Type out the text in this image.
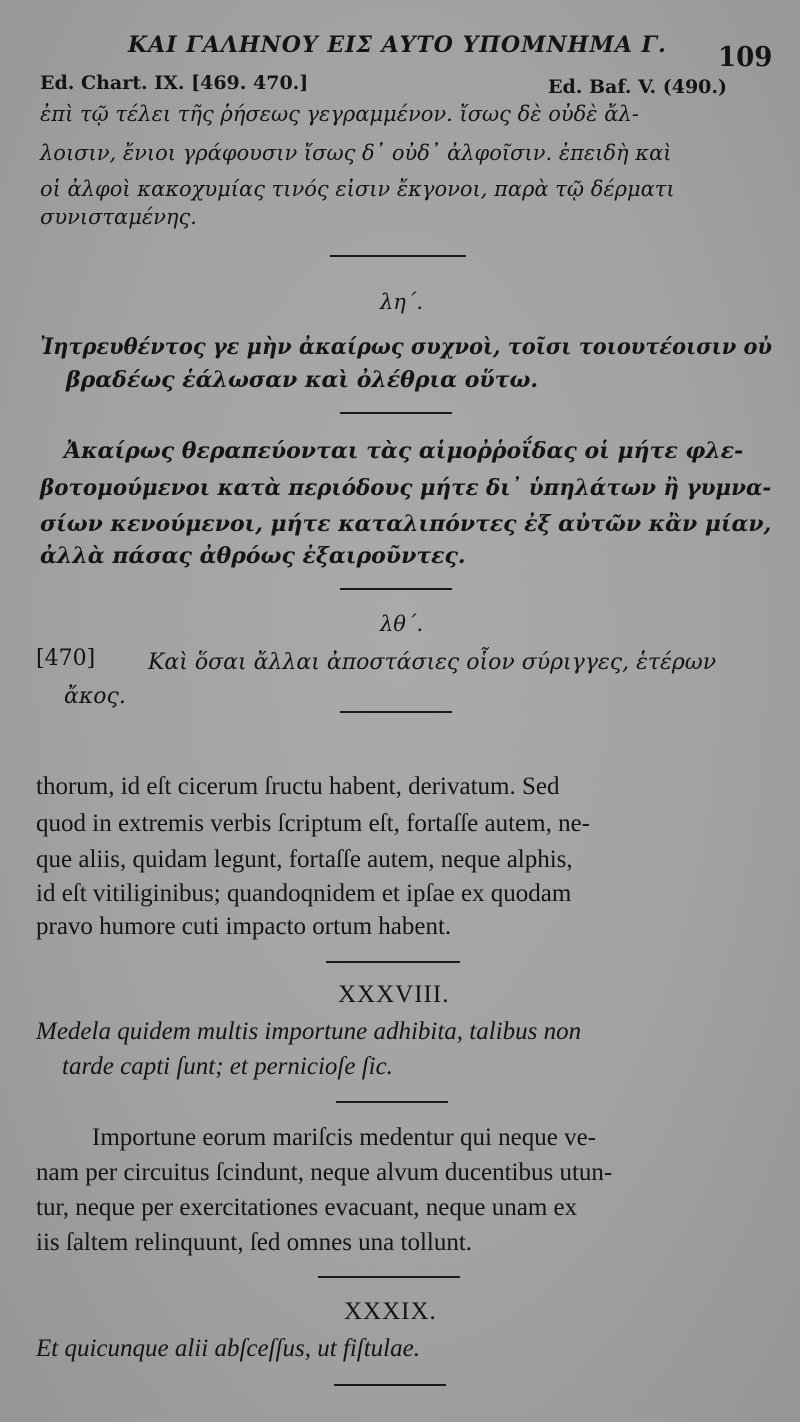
ΚΑΙ ΓΑΛΗΝΟΥ ΕΙΣ ΑΥΤΟ ΥΠΟΜΝΗΜΑ Γ. 109
Ed. Chart. IX. [469. 470.]	Ed. Baf. V. (490.)
ἐπὶ τῷ τέλει τῆς ῥήσεως γεγραμμένον. ἴσως δὲ οὐδὲ ἄλ-
λοισιν, ἔνιοι γράφουσιν ἴσως δ᾽ οὐδ᾽ ἀλφοῖσιν. ἐπειδὴ καὶ
οἱ ἀλφοὶ κακοχυμίας τινός εἰσιν ἔκγονοι, παρὰ τῷ δέρματι
συνισταμένης.
λη΄.
Ἰητρευθέντος γε μὴν ἀκαίρως συχνοὶ, τοῖσι τοιουτέοισιν οὐ
βραδέως ἑάλωσαν καὶ ὀλέθρια οὕτω.
Ἀκαίρως θεραπεύονται τὰς αἱμοῤῥοΐδας οἱ μήτε φλε-
βοτομούμενοι κατὰ περιόδους μήτε δι᾽ ὑπηλάτων ἢ γυμνα-
σίων κενούμενοι, μήτε καταλιπόντες ἐξ αὐτῶν κἂν μίαν,
ἀλλὰ πάσας ἀθρόως ἐξαιροῦντες.
λθ΄.
[470] Καὶ ὅσαι ἄλλαι ἀποστάσιες οἷον σύριγγες, ἑτέρων
ἄκος.
thorum, id eſt cicerum ſructu habent, derivatum. Sed
quod in extremis verbis ſcriptum eſt, fortaſſe autem, ne-
que aliis, quidam legunt, fortaſſe autem, neque alphis,
id eſt vitiliginibus; quandoqnidem et ipſae ex quodam
pravo humore cuti impacto ortum habent.
XXXVIII.
Medela quidem multis importune adhibita, talibus non
tarde capti ſunt; et pernicioſe ſic.
Importune eorum mariſcis medentur qui neque ve-
nam per circuitus ſcindunt, neque alvum ducentibus utun-
tur, neque per exercitationes evacuant, neque unam ex
iis ſaltem relinquunt, ſed omnes una tollunt.
XXXIX.
Et quicunque alii abſceſſus, ut fiſtulae.
